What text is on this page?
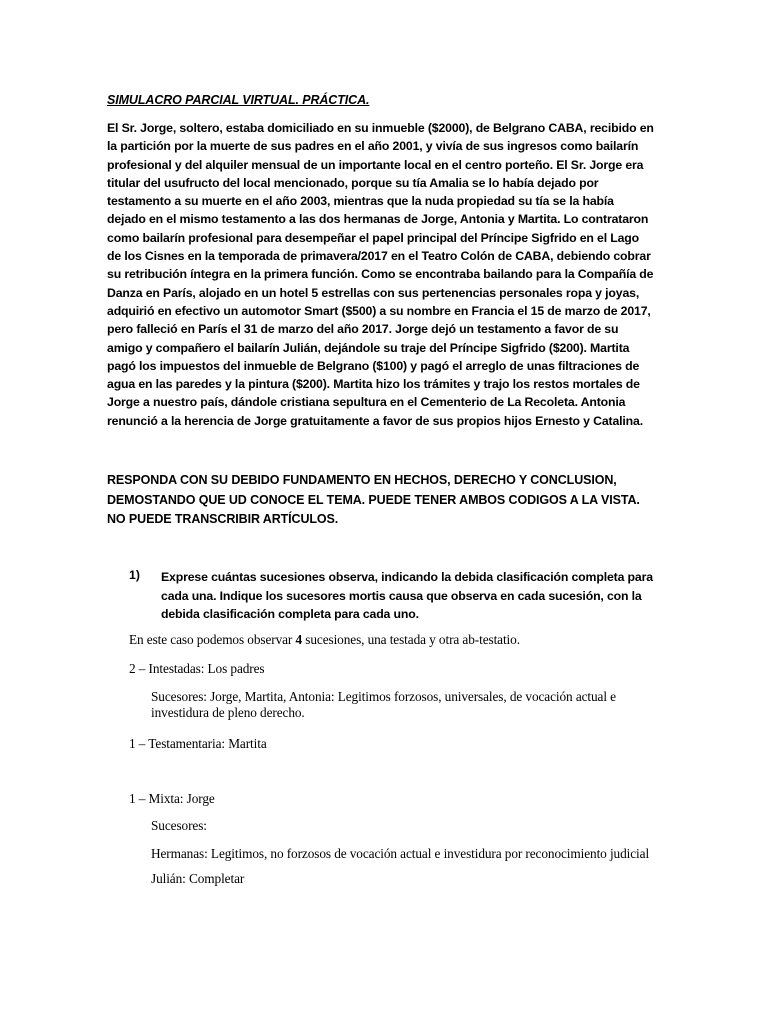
SIMULACRO PARCIAL VIRTUAL. PRÁCTICA.

El Sr. Jorge, soltero, estaba domiciliado en su inmueble ($2000), de Belgrano CABA, recibido en la partición por la muerte de sus padres en el año 2001, y vivía de sus ingresos como bailarín profesional y del alquiler mensual de un importante local en el centro porteño. El Sr. Jorge era titular del usufructo del local mencionado, porque su tía Amalia se lo había dejado por testamento a su muerte en el año 2003, mientras que la nuda propiedad su tía se la había dejado en el mismo testamento a las dos hermanas de Jorge, Antonia y Martita. Lo contrataron como bailarín profesional para desempeñar el papel principal del Príncipe Sigfrido en el Lago de los Cisnes en la temporada de primavera/2017 en el Teatro Colón de CABA, debiendo cobrar su retribución íntegra en la primera función. Como se encontraba bailando para la Compañía de Danza en París, alojado en un hotel 5 estrellas con sus pertenencias personales ropa y joyas, adquirió en efectivo un automotor Smart ($500) a su nombre en Francia el 15 de marzo de 2017, pero falleció en París el 31 de marzo del año 2017. Jorge dejó un testamento a favor de su amigo y compañero el bailarín Julián, dejándole su traje del Príncipe Sigfrido ($200). Martita pagó los impuestos del inmueble de Belgrano ($100) y pagó el arreglo de unas filtraciones de agua en las paredes y la pintura ($200). Martita hizo los trámites y trajo los restos mortales de Jorge a nuestro país, dándole cristiana sepultura en el Cementerio de La Recoleta. Antonia renunció a la herencia de Jorge gratuitamente a favor de sus propios hijos Ernesto y Catalina.

RESPONDA CON SU DEBIDO FUNDAMENTO EN HECHOS, DERECHO Y CONCLUSION, DEMOSTANDO QUE UD CONOCE EL TEMA. PUEDE TENER AMBOS CODIGOS A LA VISTA. NO PUEDE TRANSCRIBIR ARTÍCULOS.

1) Exprese cuántas sucesiones observa, indicando la debida clasificación completa para cada una. Indique los sucesores mortis causa que observa en cada sucesión, con la debida clasificación completa para cada uno.

En este caso podemos observar 4 sucesiones, una testada y otra ab-testatio.

2 – Intestadas: Los padres

Sucesores: Jorge, Martita, Antonia: Legitimos forzosos, universales, de vocación actual e investidura de pleno derecho.

1 – Testamentaria: Martita

1 – Mixta: Jorge

Sucesores:

Hermanas: Legitimos, no forzosos de vocación actual e investidura por reconocimiento judicial

Julián: Completar
